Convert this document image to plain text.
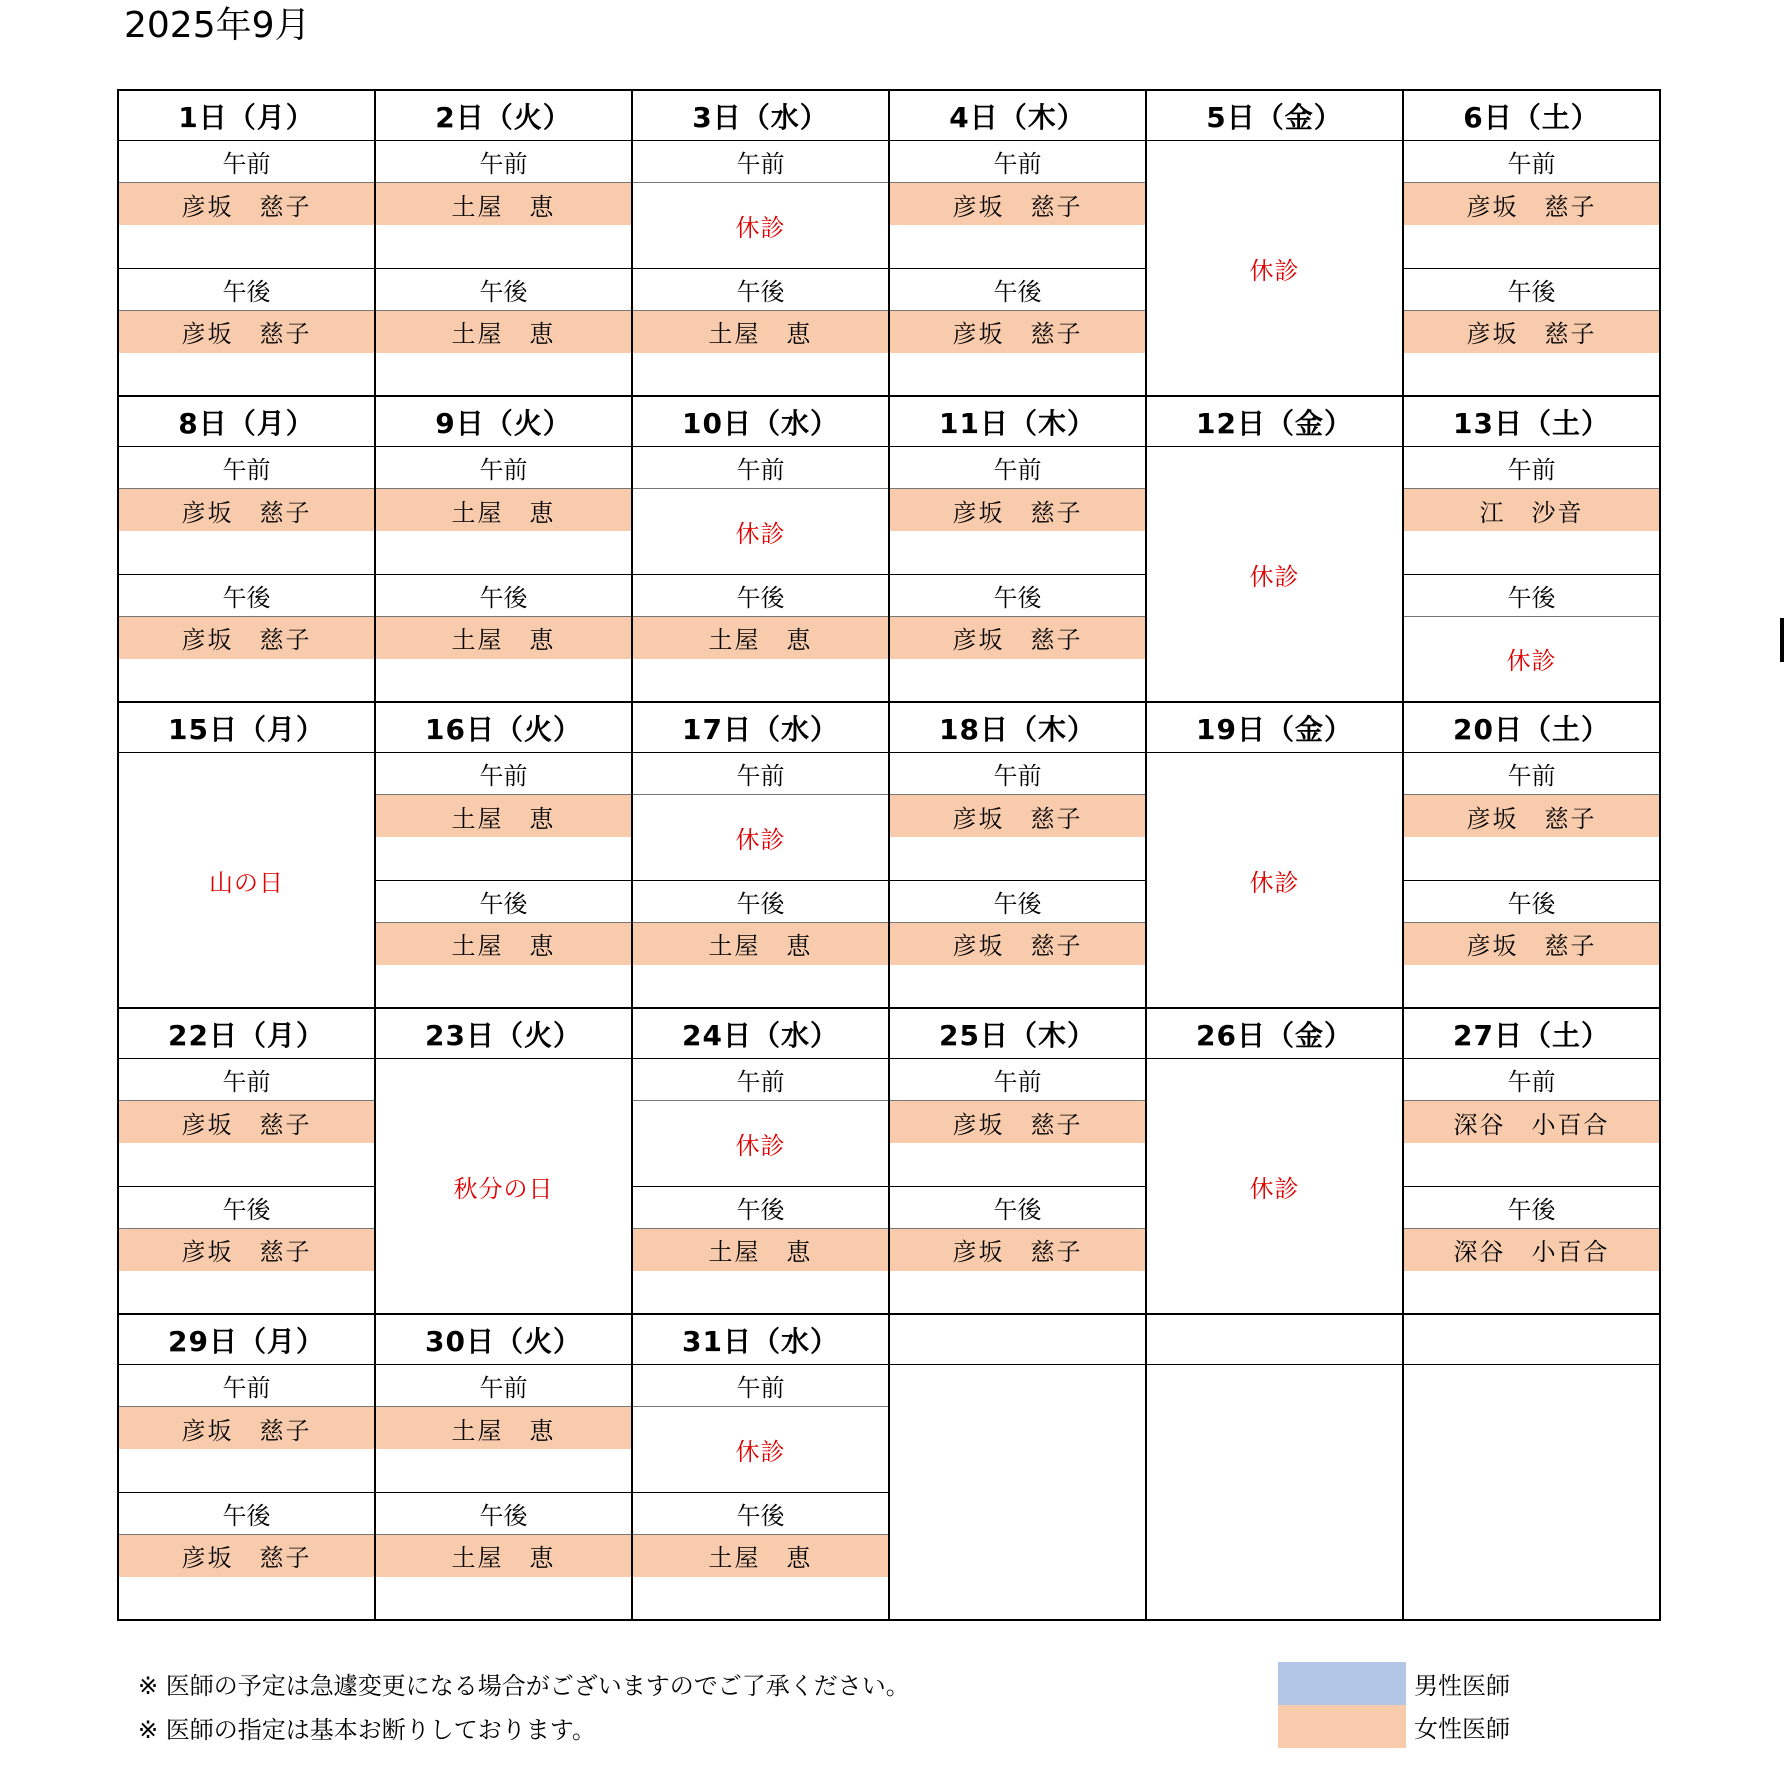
2025年9月
1日（月）
午前
彦坂　慈子
午後
彦坂　慈子
2日（火）
午前
土屋　恵
午後
土屋　恵
3日（水）
午前
休診
午後
土屋　恵
4日（木）
午前
彦坂　慈子
午後
彦坂　慈子
5日（金）
休診
6日（土）
午前
彦坂　慈子
午後
彦坂　慈子
8日（月）
午前
彦坂　慈子
午後
彦坂　慈子
9日（火）
午前
土屋　恵
午後
土屋　恵
10日（水）
午前
休診
午後
土屋　恵
11日（木）
午前
彦坂　慈子
午後
彦坂　慈子
12日（金）
休診
13日（土）
午前
江　沙音
午後
休診
15日（月）
山の日
16日（火）
午前
土屋　恵
午後
土屋　恵
17日（水）
午前
休診
午後
土屋　恵
18日（木）
午前
彦坂　慈子
午後
彦坂　慈子
19日（金）
休診
20日（土）
午前
彦坂　慈子
午後
彦坂　慈子
22日（月）
午前
彦坂　慈子
午後
彦坂　慈子
23日（火）
秋分の日
24日（水）
午前
休診
午後
土屋　恵
25日（木）
午前
彦坂　慈子
午後
彦坂　慈子
26日（金）
休診
27日（土）
午前
深谷　小百合
午後
深谷　小百合
29日（月）
午前
彦坂　慈子
午後
彦坂　慈子
30日（火）
午前
土屋　恵
午後
土屋　恵
31日（水）
午前
休診
午後
土屋　恵
※ 医師の予定は急遽変更になる場合がございますのでご了承ください。
※ 医師の指定は基本お断りしております。
男性医師
女性医師
